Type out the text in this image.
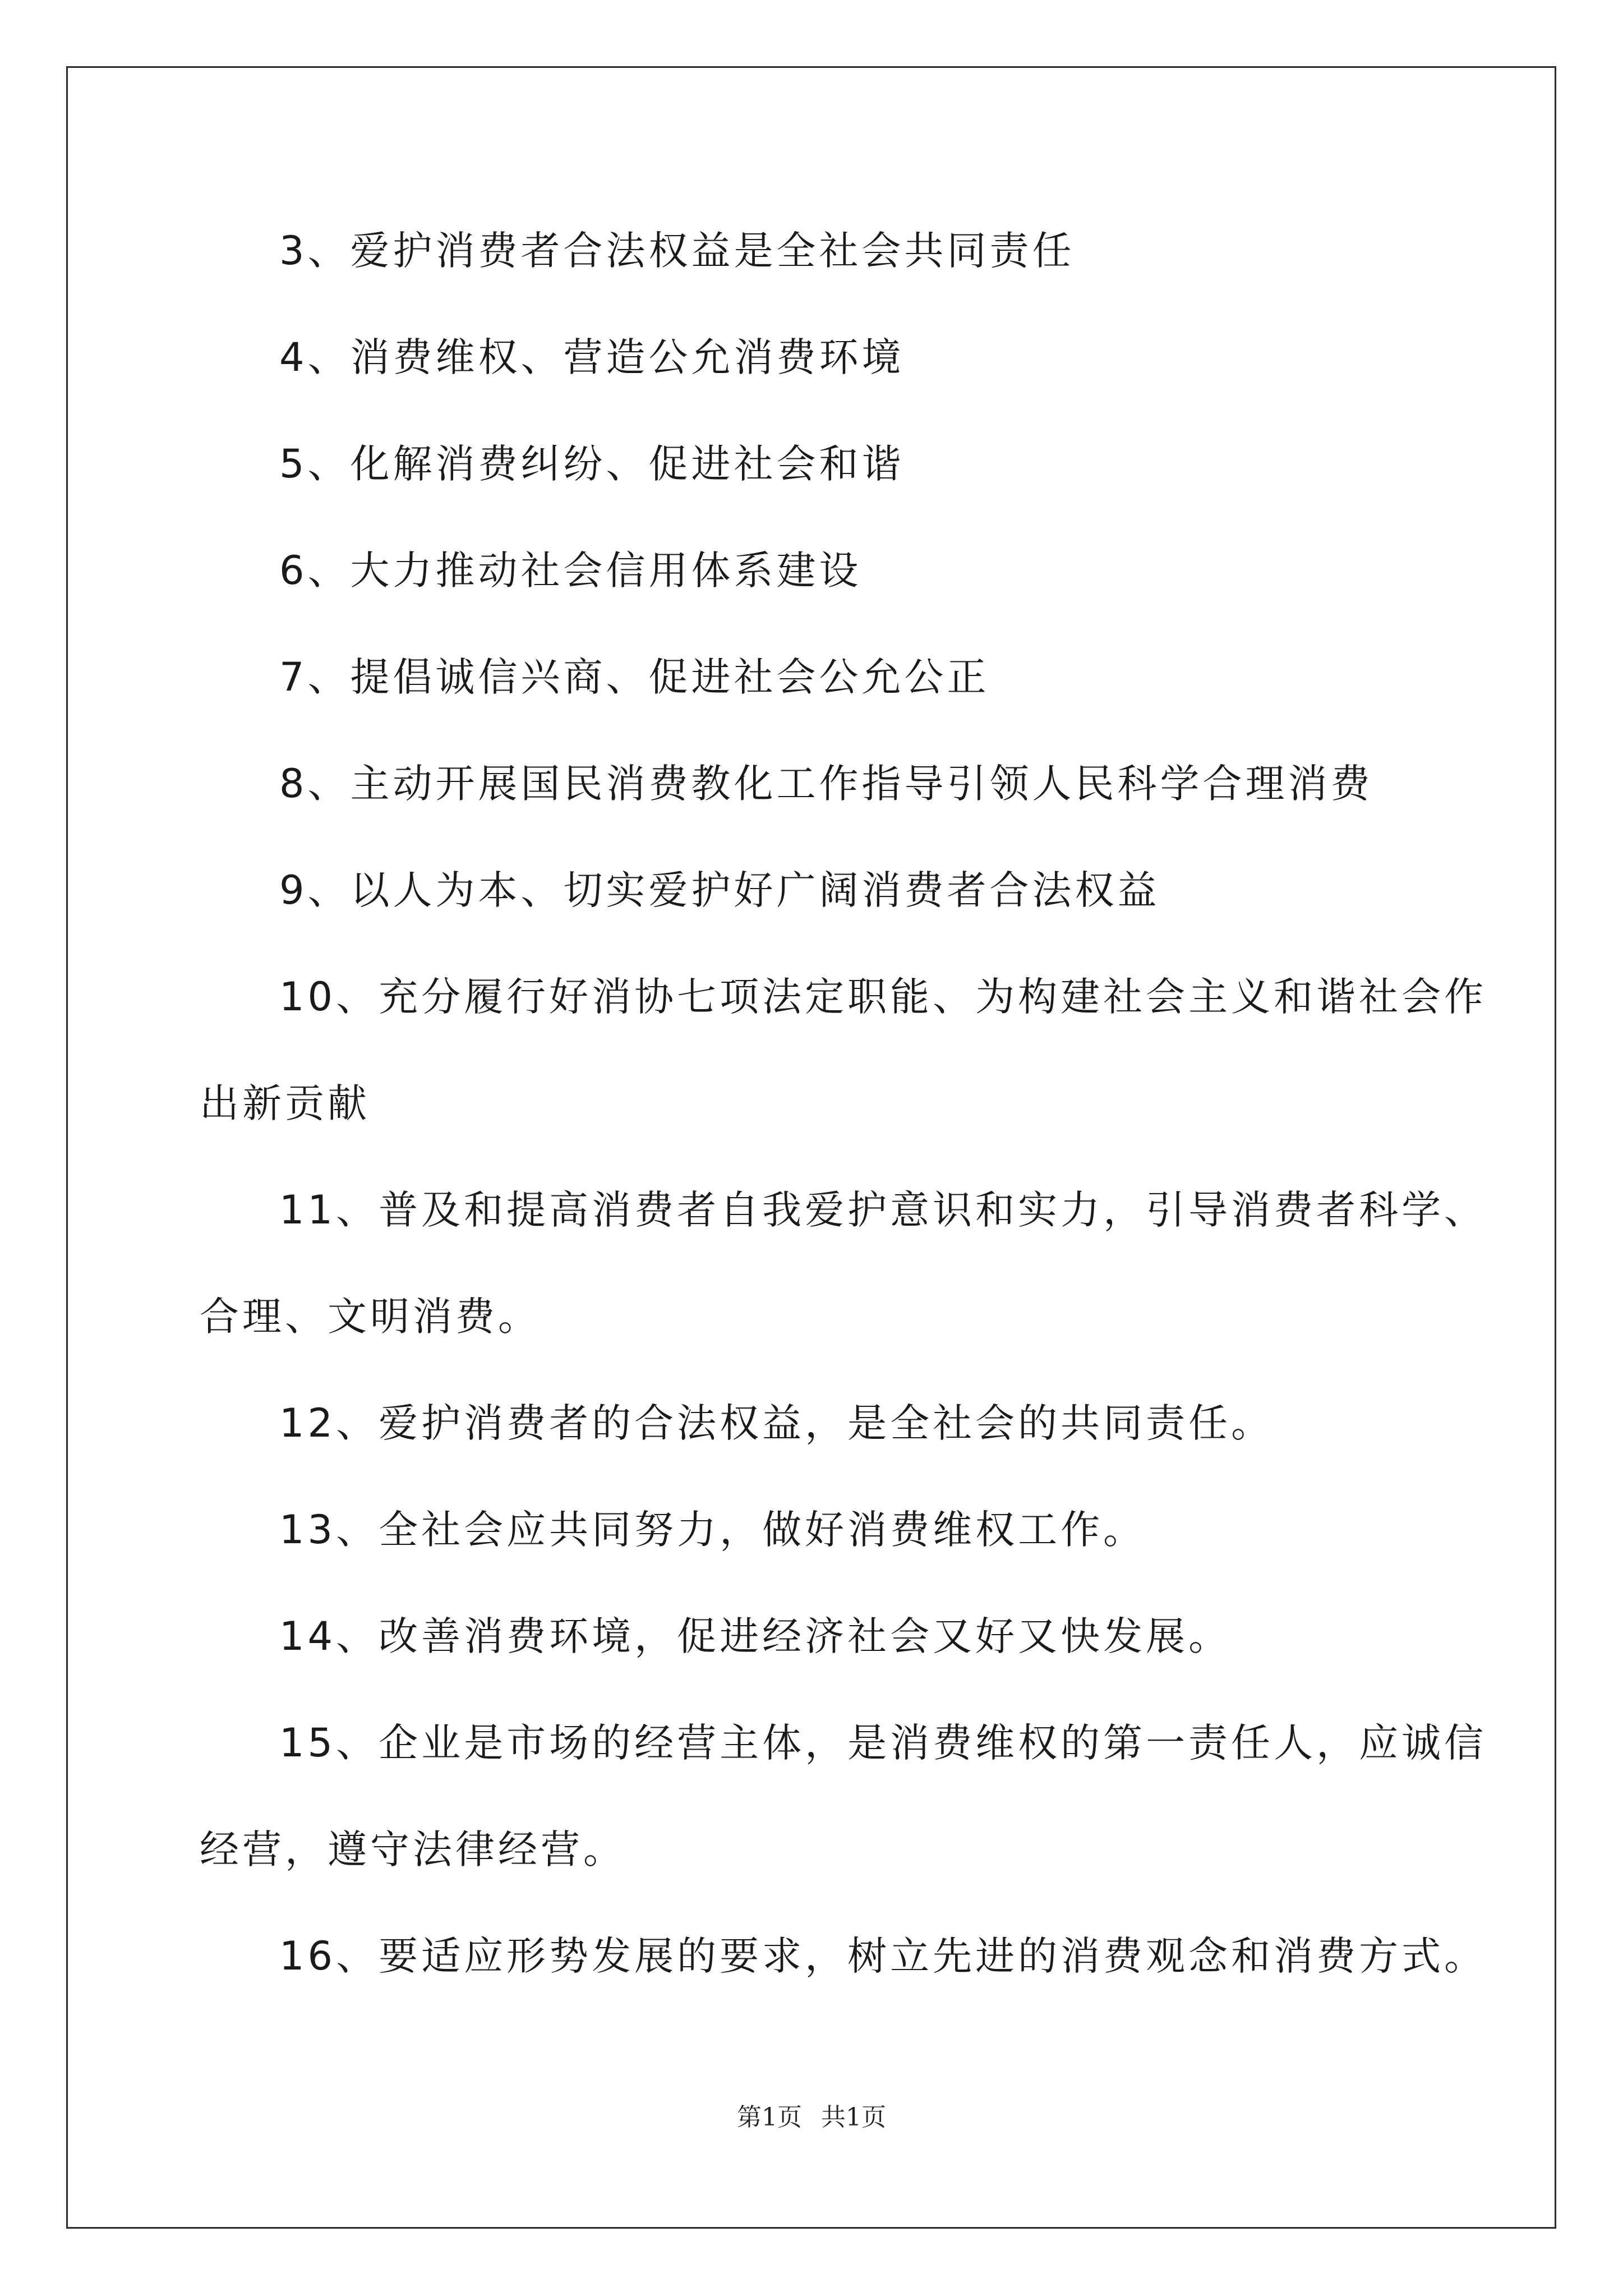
3、爱护消费者合法权益是全社会共同责任
4、消费维权、营造公允消费环境
5、化解消费纠纷、促进社会和谐
6、大力推动社会信用体系建设
7、提倡诚信兴商、促进社会公允公正
8、主动开展国民消费教化工作指导引领人民科学合理消费
9、以人为本、切实爱护好广阔消费者合法权益
10、充分履行好消协七项法定职能、为构建社会主义和谐社会作
出新贡献
11、普及和提高消费者自我爱护意识和实力，引导消费者科学、
合理、文明消费。
12、爱护消费者的合法权益，是全社会的共同责任。
13、全社会应共同努力，做好消费维权工作。
14、改善消费环境，促进经济社会又好又快发展。
15、企业是市场的经营主体，是消费维权的第一责任人，应诚信
经营，遵守法律经营。
16、要适应形势发展的要求，树立先进的消费观念和消费方式。
第1页 共1页
